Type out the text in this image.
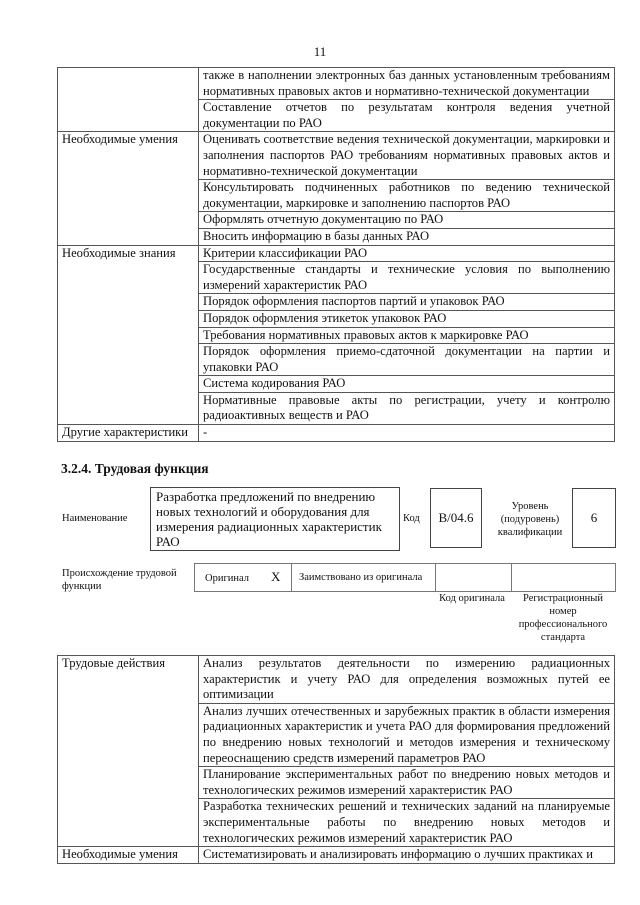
11
	также в наполнении электронных баз данных установленным требованиям нормативных правовых актов и нормативно-технической документации
	Составление отчетов по результатам контроля ведения учетной документации по РАО
Необходимые умения	Оценивать соответствие ведения технической документации, маркировки и заполнения паспортов РАО требованиям нормативных правовых актов и нормативно-технической документации
	Консультировать подчиненных работников по ведению технической документации, маркировке и заполнению паспортов РАО
	Оформлять отчетную документацию по РАО
	Вносить информацию в базы данных РАО
Необходимые знания	Критерии классификации РАО
	Государственные стандарты и технические условия по выполнению измерений характеристик РАО
	Порядок оформления паспортов партий и упаковок РАО
	Порядок оформления этикеток упаковок РАО
	Требования нормативных правовых актов к маркировке РАО
	Порядок оформления приемо-сдаточной документации на партии и упаковки РАО
	Система кодирования РАО
	Нормативные правовые акты по регистрации, учету и контролю радиоактивных веществ и РАО
Другие характеристики	-
3.2.4. Трудовая функция
Наименование
Разработка предложений по внедрению новых технологий и оборудования для измерения радиационных характеристик РАО
Код	B/04.6
Уровень (подуровень) квалификации
6
Происхождение трудовой функции
Оригинал X Заимствовано из оригинала
Код оригинала	Регистрационный номер профессионального стандарта
Трудовые действия	Анализ результатов деятельности по измерению радиационных характеристик и учету РАО для определения возможных путей ее оптимизации
	Анализ лучших отечественных и зарубежных практик в области измерения радиационных характеристик и учета РАО для формирования предложений по внедрению новых технологий и методов измерения и техническому переоснащению средств измерений параметров РАО
	Планирование экспериментальных работ по внедрению новых методов и технологических режимов измерений характеристик РАО
	Разработка технических решений и технических заданий на планируемые экспериментальные работы по внедрению новых методов и технологических режимов измерений характеристик РАО
Необходимые умения	Систематизировать и анализировать информацию о лучших практиках и
